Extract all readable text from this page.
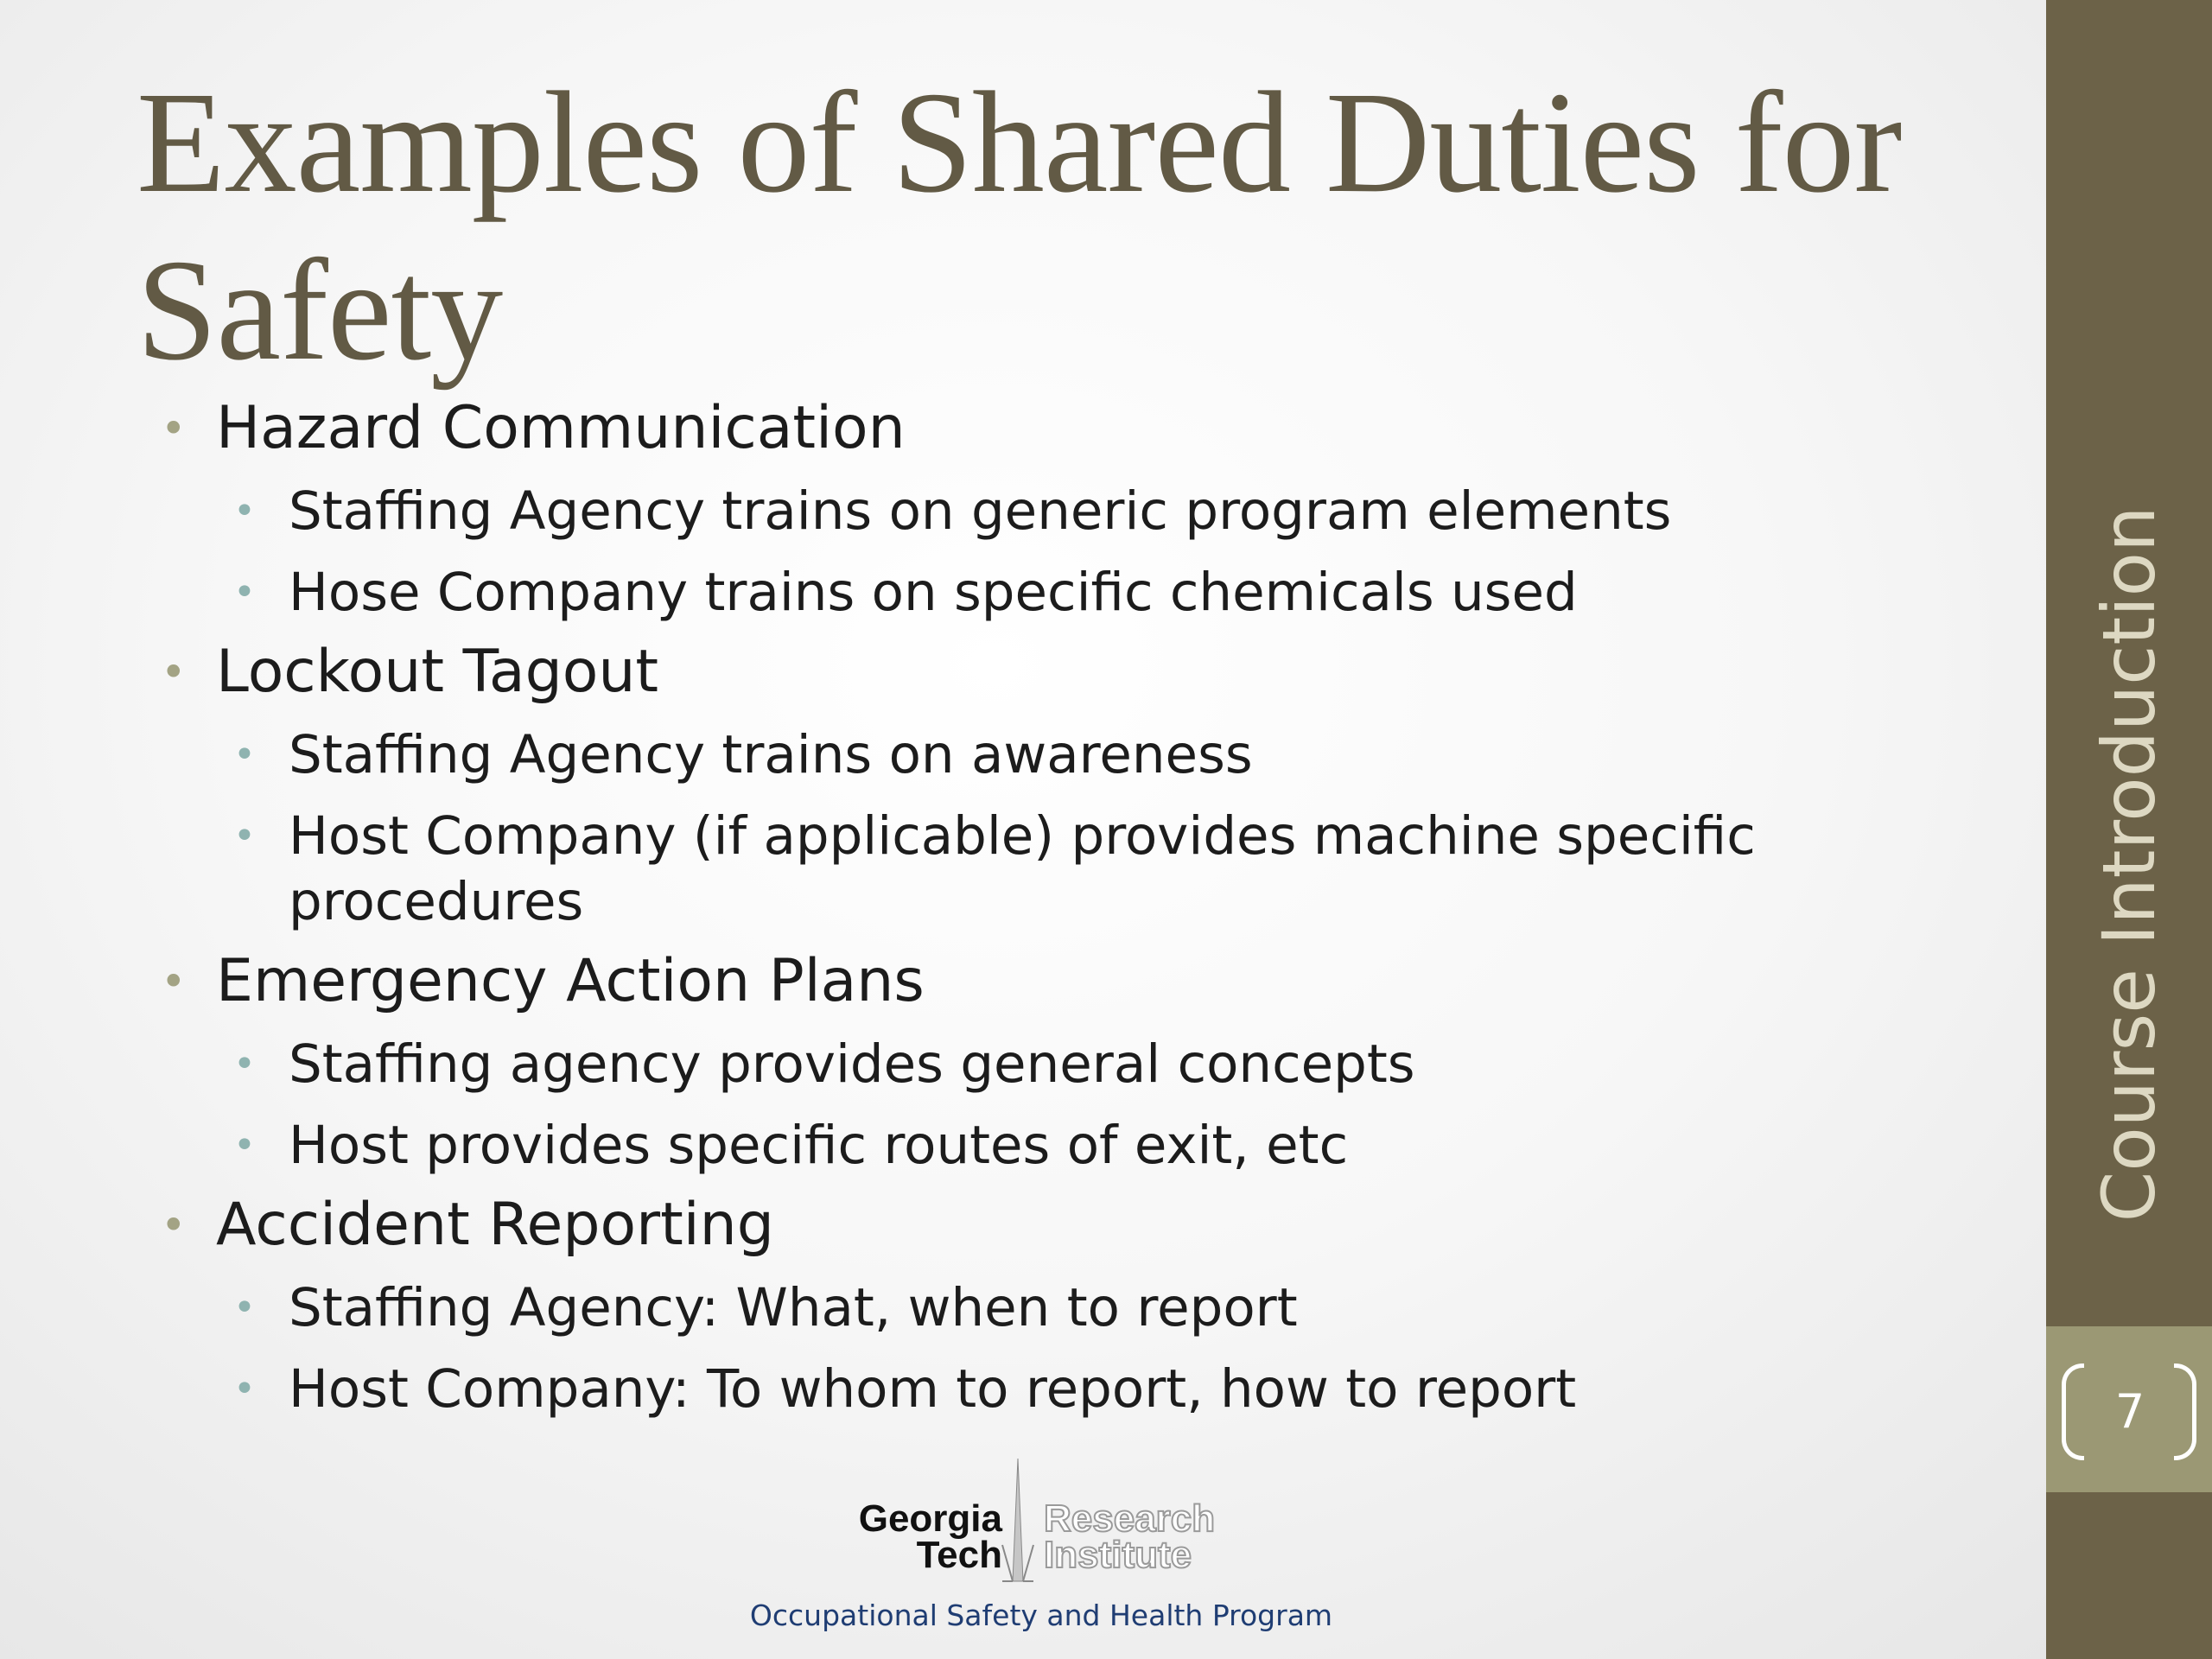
Examples of Shared Duties for Safety
• Hazard Communication
• Staffing Agency trains on generic program elements
• Hose Company trains on specific chemicals used
• Lockout Tagout
• Staffing Agency trains on awareness
• Host Company (if applicable) provides machine specific procedures
• Emergency Action Plans
• Staffing agency provides general concepts
• Host provides specific routes of exit, etc
• Accident Reporting
• Staffing Agency: What, when to report
• Host Company: To whom to report, how to report
Course Introduction
7
Georgia
Tech
Research
Institute
Occupational Safety and Health Program
